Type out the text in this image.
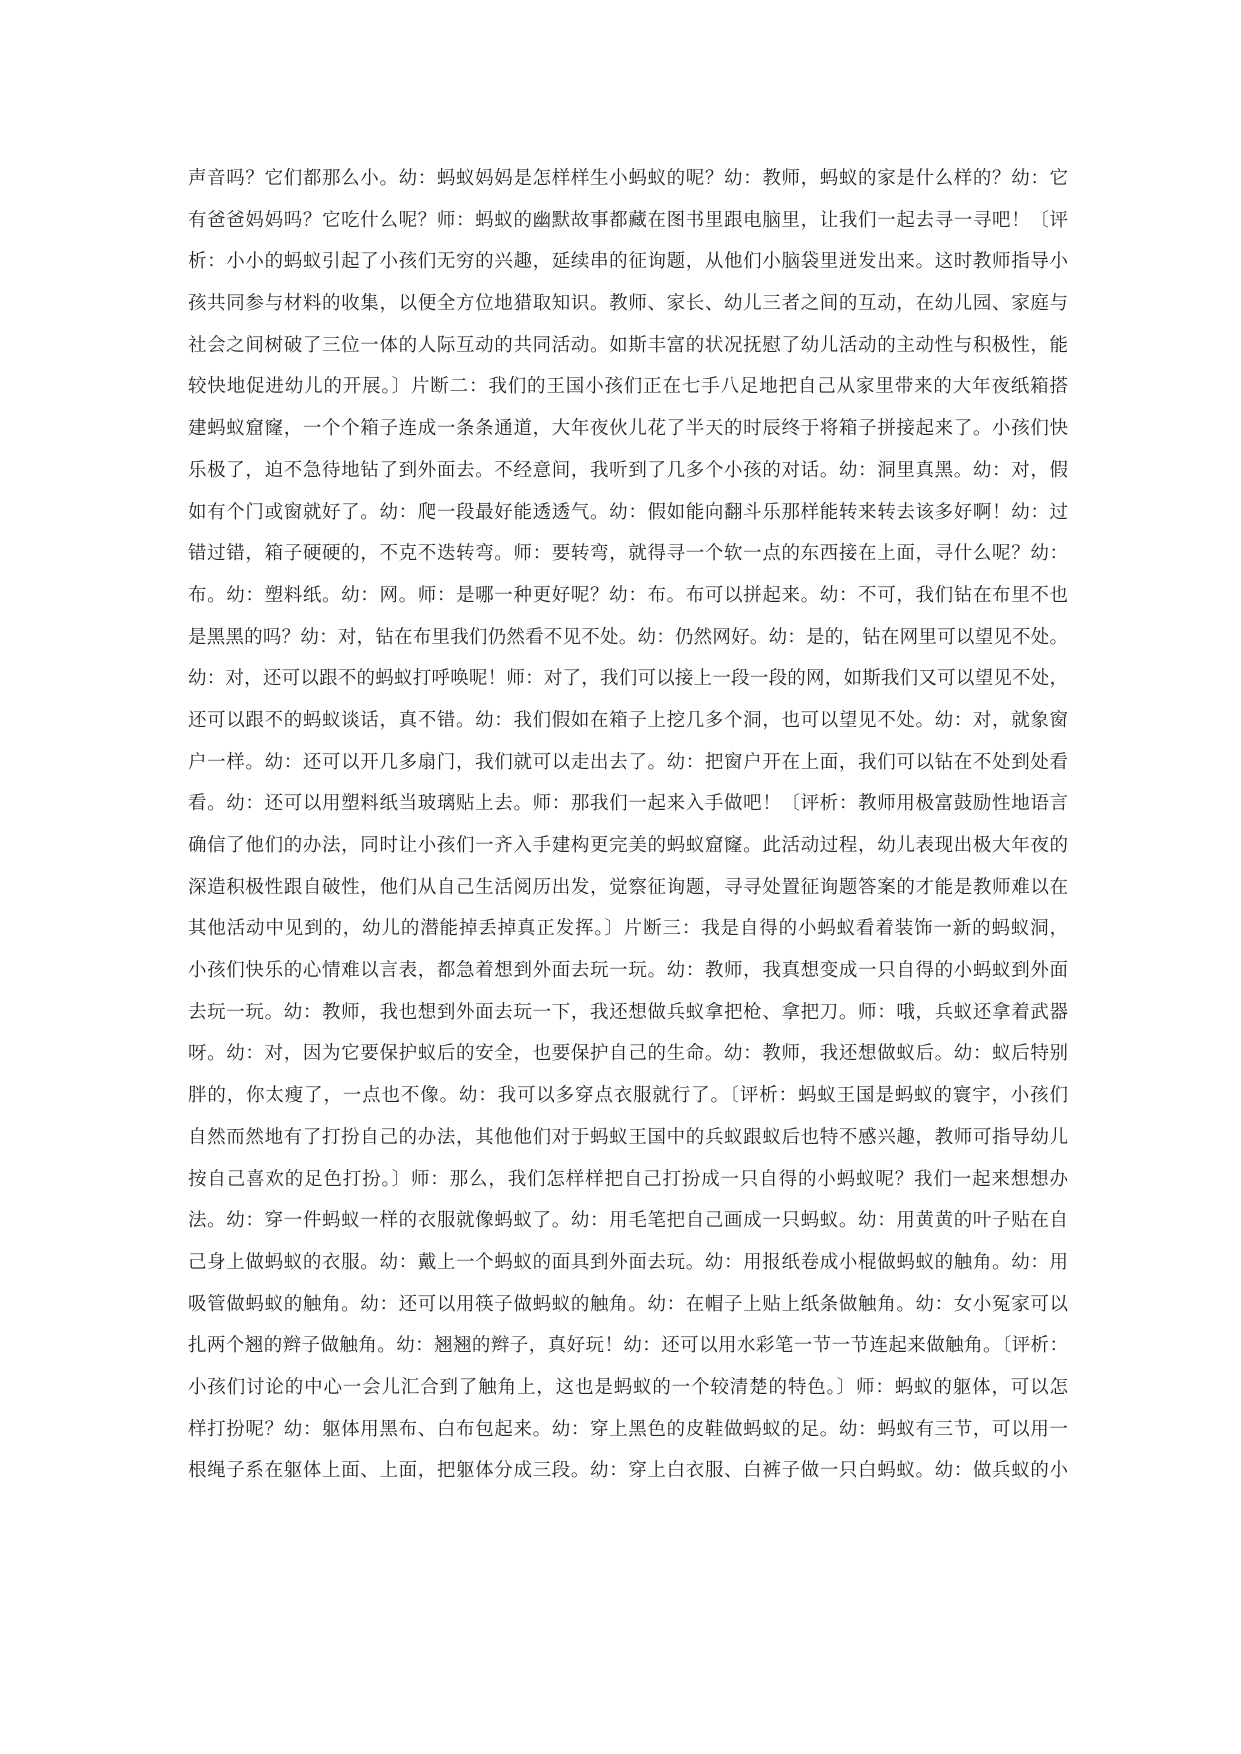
声音吗？它们都那么小。幼：蚂蚁妈妈是怎样样生小蚂蚁的呢？幼：教师，蚂蚁的家是什么样的？幼：它
有爸爸妈妈吗？它吃什么呢？师：蚂蚁的幽默故事都藏在图书里跟电脑里，让我们一起去寻一寻吧！〔评
析：小小的蚂蚁引起了小孩们无穷的兴趣，延续串的征询题，从他们小脑袋里迸发出来。这时教师指导小
孩共同参与材料的收集，以便全方位地猎取知识。教师、家长、幼儿三者之间的互动，在幼儿园、家庭与
社会之间树破了三位一体的人际互动的共同活动。如斯丰富的状况抚慰了幼儿活动的主动性与积极性，能
较快地促进幼儿的开展。〕片断二：我们的王国小孩们正在七手八足地把自己从家里带来的大年夜纸箱搭
建蚂蚁窟窿，一个个箱子连成一条条通道，大年夜伙儿花了半天的时辰终于将箱子拼接起来了。小孩们快
乐极了，迫不急待地钻了到外面去。不经意间，我听到了几多个小孩的对话。幼：洞里真黑。幼：对，假
如有个门或窗就好了。幼：爬一段最好能透透气。幼：假如能向翻斗乐那样能转来转去该多好啊！幼：过
错过错，箱子硬硬的，不克不迭转弯。师：要转弯，就得寻一个软一点的东西接在上面，寻什么呢？幼：
布。幼：塑料纸。幼：网。师：是哪一种更好呢？幼：布。布可以拼起来。幼：不可，我们钻在布里不也
是黑黑的吗？幼：对，钻在布里我们仍然看不见不处。幼：仍然网好。幼：是的，钻在网里可以望见不处。
幼：对，还可以跟不的蚂蚁打呼唤呢！师：对了，我们可以接上一段一段的网，如斯我们又可以望见不处，
还可以跟不的蚂蚁谈话，真不错。幼：我们假如在箱子上挖几多个洞，也可以望见不处。幼：对，就象窗
户一样。幼：还可以开几多扇门，我们就可以走出去了。幼：把窗户开在上面，我们可以钻在不处到处看
看。幼：还可以用塑料纸当玻璃贴上去。师：那我们一起来入手做吧！〔评析：教师用极富鼓励性地语言
确信了他们的办法，同时让小孩们一齐入手建构更完美的蚂蚁窟窿。此活动过程，幼儿表现出极大年夜的
深造积极性跟自破性，他们从自己生活阅历出发，觉察征询题，寻寻处置征询题答案的才能是教师难以在
其他活动中见到的，幼儿的潜能掉丢掉真正发挥。〕片断三：我是自得的小蚂蚁看着装饰一新的蚂蚁洞，
小孩们快乐的心情难以言表，都急着想到外面去玩一玩。幼：教师，我真想变成一只自得的小蚂蚁到外面
去玩一玩。幼：教师，我也想到外面去玩一下，我还想做兵蚁拿把枪、拿把刀。师：哦，兵蚁还拿着武器
呀。幼：对，因为它要保护蚁后的安全，也要保护自己的生命。幼：教师，我还想做蚁后。幼：蚁后特别
胖的，你太瘦了，一点也不像。幼：我可以多穿点衣服就行了。〔评析：蚂蚁王国是蚂蚁的寰宇，小孩们
自然而然地有了打扮自己的办法，其他他们对于蚂蚁王国中的兵蚁跟蚁后也特不感兴趣，教师可指导幼儿
按自己喜欢的足色打扮。〕师：那么，我们怎样样把自己打扮成一只自得的小蚂蚁呢？我们一起来想想办
法。幼：穿一件蚂蚁一样的衣服就像蚂蚁了。幼：用毛笔把自己画成一只蚂蚁。幼：用黄黄的叶子贴在自
己身上做蚂蚁的衣服。幼：戴上一个蚂蚁的面具到外面去玩。幼：用报纸卷成小棍做蚂蚁的触角。幼：用
吸管做蚂蚁的触角。幼：还可以用筷子做蚂蚁的触角。幼：在帽子上贴上纸条做触角。幼：女小冤家可以
扎两个翘的辫子做触角。幼：翘翘的辫子，真好玩！幼：还可以用水彩笔一节一节连起来做触角。〔评析：
小孩们讨论的中心一会儿汇合到了触角上，这也是蚂蚁的一个较清楚的特色。〕师：蚂蚁的躯体，可以怎
样打扮呢？幼：躯体用黑布、白布包起来。幼：穿上黑色的皮鞋做蚂蚁的足。幼：蚂蚁有三节，可以用一
根绳子系在躯体上面、上面，把躯体分成三段。幼：穿上白衣服、白裤子做一只白蚂蚁。幼：做兵蚁的小
